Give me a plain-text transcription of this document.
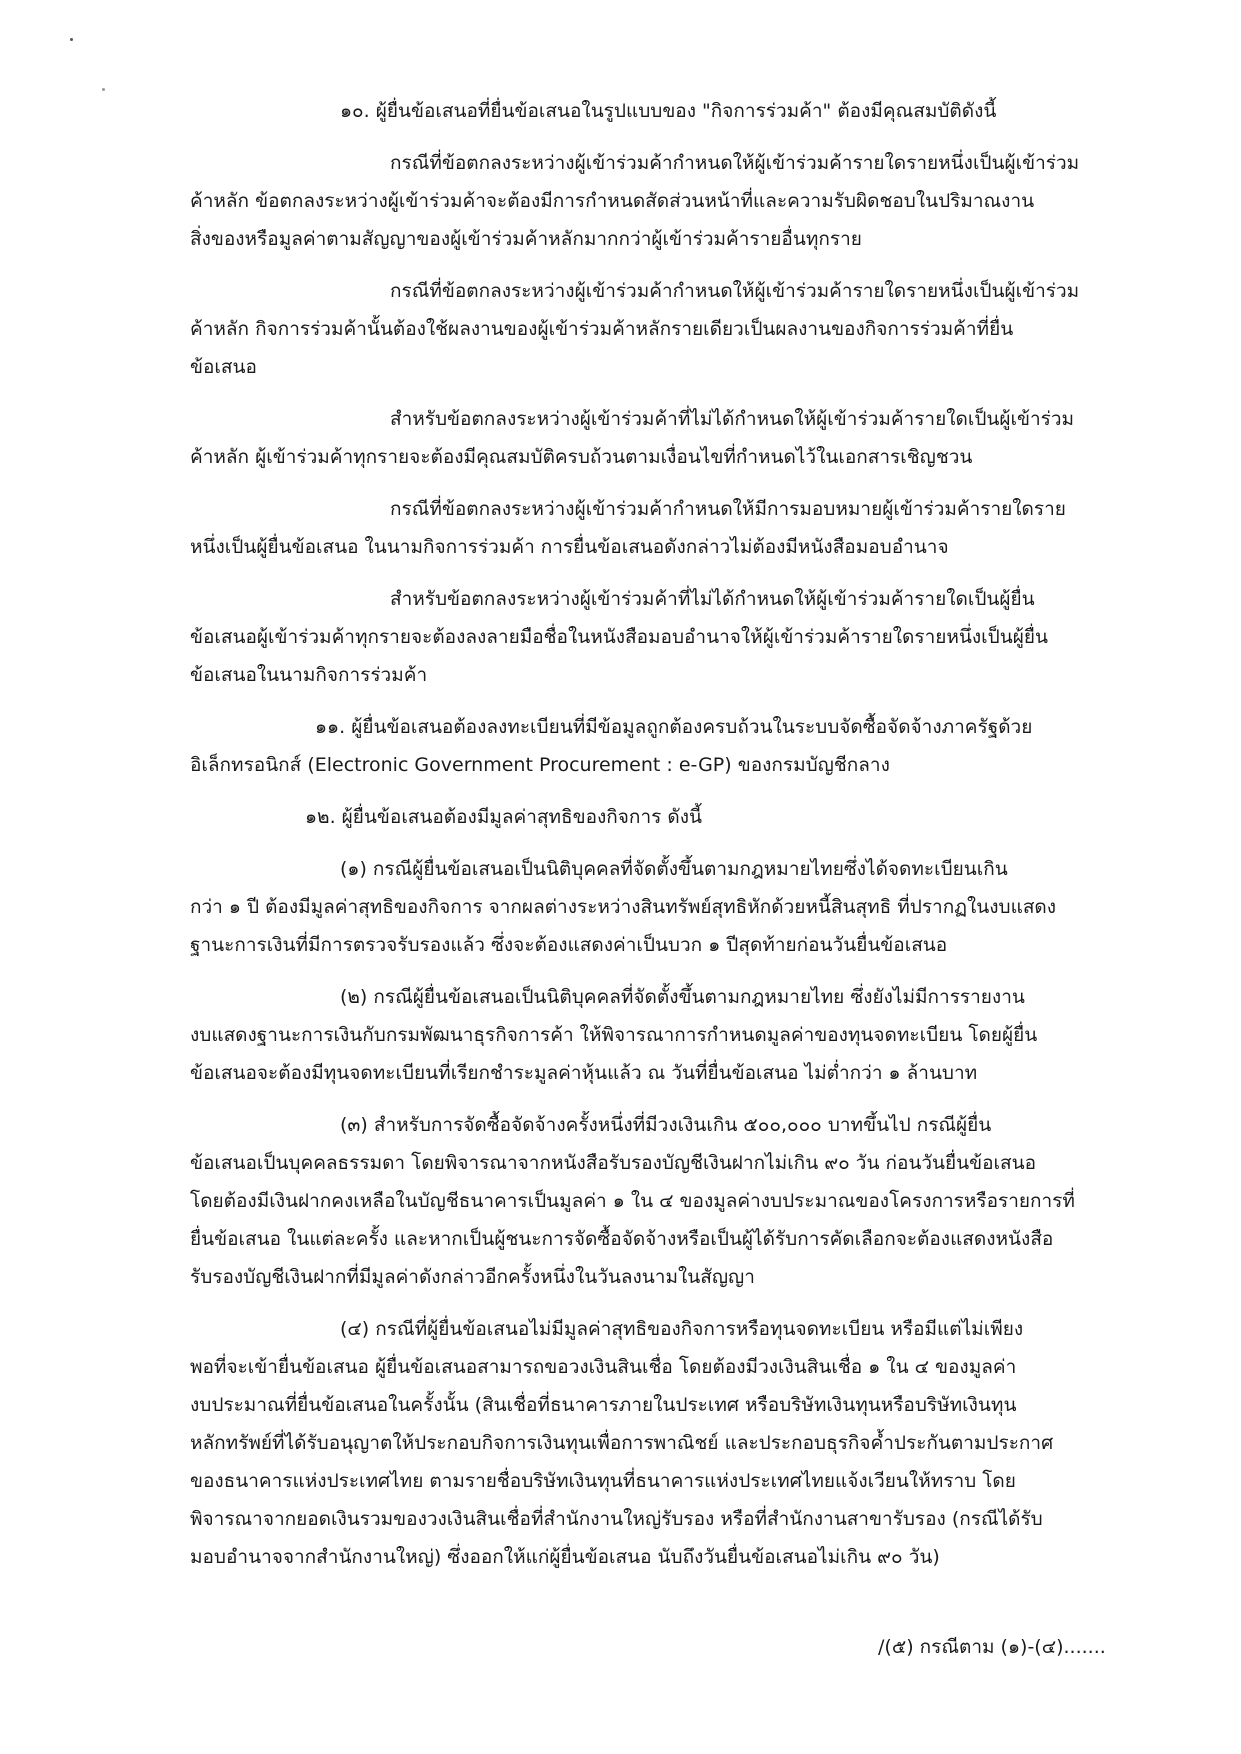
๑๐. ผู้ยื่นข้อเสนอที่ยื่นข้อเสนอในรูปแบบของ "กิจการร่วมค้า" ต้องมีคุณสมบัติดังนี้

กรณีที่ข้อตกลงระหว่างผู้เข้าร่วมค้ากำหนดให้ผู้เข้าร่วมค้ารายใดรายหนึ่งเป็นผู้เข้าร่วม

ค้าหลัก ข้อตกลงระหว่างผู้เข้าร่วมค้าจะต้องมีการกำหนดสัดส่วนหน้าที่และความรับผิดชอบในปริมาณงาน

สิ่งของหรือมูลค่าตามสัญญาของผู้เข้าร่วมค้าหลักมากกว่าผู้เข้าร่วมค้ารายอื่นทุกราย

กรณีที่ข้อตกลงระหว่างผู้เข้าร่วมค้ากำหนดให้ผู้เข้าร่วมค้ารายใดรายหนึ่งเป็นผู้เข้าร่วม

ค้าหลัก กิจการร่วมค้านั้นต้องใช้ผลงานของผู้เข้าร่วมค้าหลักรายเดียวเป็นผลงานของกิจการร่วมค้าที่ยื่น

ข้อเสนอ

สำหรับข้อตกลงระหว่างผู้เข้าร่วมค้าที่ไม่ได้กำหนดให้ผู้เข้าร่วมค้ารายใดเป็นผู้เข้าร่วม

ค้าหลัก ผู้เข้าร่วมค้าทุกรายจะต้องมีคุณสมบัติครบถ้วนตามเงื่อนไขที่กำหนดไว้ในเอกสารเชิญชวน

กรณีที่ข้อตกลงระหว่างผู้เข้าร่วมค้ากำหนดให้มีการมอบหมายผู้เข้าร่วมค้ารายใดราย

หนึ่งเป็นผู้ยื่นข้อเสนอ ในนามกิจการร่วมค้า การยื่นข้อเสนอดังกล่าวไม่ต้องมีหนังสือมอบอำนาจ

สำหรับข้อตกลงระหว่างผู้เข้าร่วมค้าที่ไม่ได้กำหนดให้ผู้เข้าร่วมค้ารายใดเป็นผู้ยื่น

ข้อเสนอผู้เข้าร่วมค้าทุกรายจะต้องลงลายมือชื่อในหนังสือมอบอำนาจให้ผู้เข้าร่วมค้ารายใดรายหนึ่งเป็นผู้ยื่น

ข้อเสนอในนามกิจการร่วมค้า

๑๑. ผู้ยื่นข้อเสนอต้องลงทะเบียนที่มีข้อมูลถูกต้องครบถ้วนในระบบจัดซื้อจัดจ้างภาครัฐด้วย

อิเล็กทรอนิกส์ (Electronic Government Procurement : e-GP) ของกรมบัญชีกลาง

๑๒. ผู้ยื่นข้อเสนอต้องมีมูลค่าสุทธิของกิจการ ดังนี้

(๑) กรณีผู้ยื่นข้อเสนอเป็นนิติบุคคลที่จัดตั้งขึ้นตามกฎหมายไทยซึ่งได้จดทะเบียนเกิน

กว่า ๑ ปี ต้องมีมูลค่าสุทธิของกิจการ จากผลต่างระหว่างสินทรัพย์สุทธิหักด้วยหนี้สินสุทธิ ที่ปรากฏในงบแสดง

ฐานะการเงินที่มีการตรวจรับรองแล้ว ซึ่งจะต้องแสดงค่าเป็นบวก ๑ ปีสุดท้ายก่อนวันยื่นข้อเสนอ

(๒) กรณีผู้ยื่นข้อเสนอเป็นนิติบุคคลที่จัดตั้งขึ้นตามกฎหมายไทย ซึ่งยังไม่มีการรายงาน

งบแสดงฐานะการเงินกับกรมพัฒนาธุรกิจการค้า ให้พิจารณาการกำหนดมูลค่าของทุนจดทะเบียน โดยผู้ยื่น

ข้อเสนอจะต้องมีทุนจดทะเบียนที่เรียกชำระมูลค่าหุ้นแล้ว ณ วันที่ยื่นข้อเสนอ ไม่ต่ำกว่า ๑ ล้านบาท

(๓) สำหรับการจัดซื้อจัดจ้างครั้งหนึ่งที่มีวงเงินเกิน ๕๐๐,๐๐๐ บาทขึ้นไป กรณีผู้ยื่น

ข้อเสนอเป็นบุคคลธรรมดา โดยพิจารณาจากหนังสือรับรองบัญชีเงินฝากไม่เกิน ๙๐ วัน ก่อนวันยื่นข้อเสนอ

โดยต้องมีเงินฝากคงเหลือในบัญชีธนาคารเป็นมูลค่า ๑ ใน ๔ ของมูลค่างบประมาณของโครงการหรือรายการที่

ยื่นข้อเสนอ ในแต่ละครั้ง และหากเป็นผู้ชนะการจัดซื้อจัดจ้างหรือเป็นผู้ได้รับการคัดเลือกจะต้องแสดงหนังสือ

รับรองบัญชีเงินฝากที่มีมูลค่าดังกล่าวอีกครั้งหนึ่งในวันลงนามในสัญญา

(๔) กรณีที่ผู้ยื่นข้อเสนอไม่มีมูลค่าสุทธิของกิจการหรือทุนจดทะเบียน หรือมีแต่ไม่เพียง

พอที่จะเข้ายื่นข้อเสนอ ผู้ยื่นข้อเสนอสามารถขอวงเงินสินเชื่อ โดยต้องมีวงเงินสินเชื่อ ๑ ใน ๔ ของมูลค่า

งบประมาณที่ยื่นข้อเสนอในครั้งนั้น (สินเชื่อที่ธนาคารภายในประเทศ หรือบริษัทเงินทุนหรือบริษัทเงินทุน

หลักทรัพย์ที่ได้รับอนุญาตให้ประกอบกิจการเงินทุนเพื่อการพาณิชย์ และประกอบธุรกิจค้ำประกันตามประกาศ

ของธนาคารแห่งประเทศไทย ตามรายชื่อบริษัทเงินทุนที่ธนาคารแห่งประเทศไทยแจ้งเวียนให้ทราบ โดย

พิจารณาจากยอดเงินรวมของวงเงินสินเชื่อที่สำนักงานใหญ่รับรอง หรือที่สำนักงานสาขารับรอง (กรณีได้รับ

มอบอำนาจจากสำนักงานใหญ่) ซึ่งออกให้แก่ผู้ยื่นข้อเสนอ นับถึงวันยื่นข้อเสนอไม่เกิน ๙๐ วัน)

/(๕) กรณีตาม (๑)-(๔).......
